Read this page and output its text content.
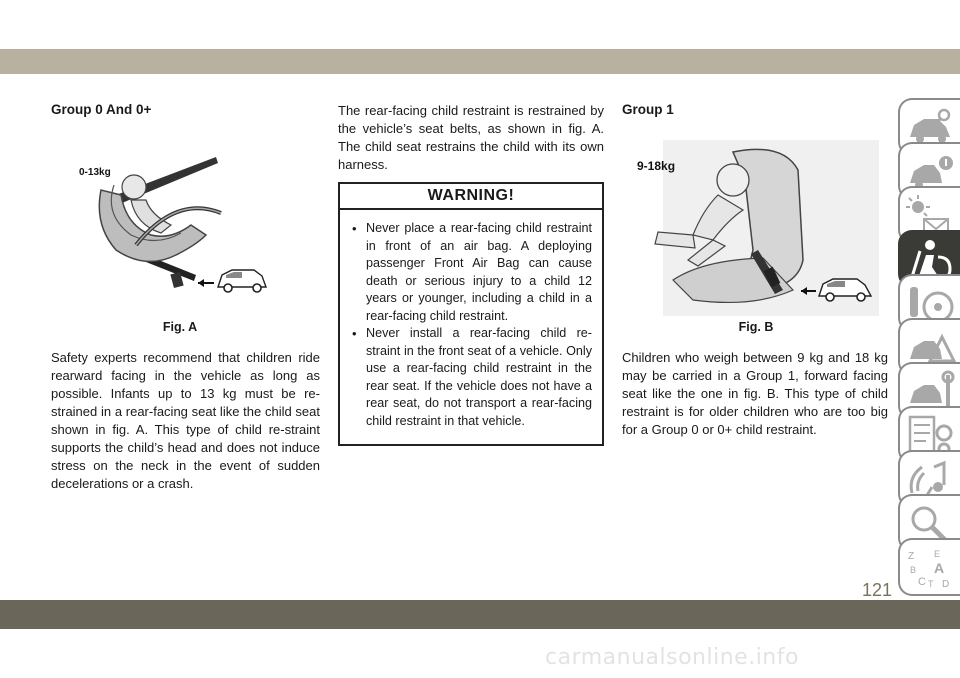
Group 0 And 0+
0-13kg
Fig. A
Safety experts recommend that children ride rearward facing in the vehicle as long as possible. Infants up to 13 kg must be re-strained in a rear-facing seat like the child seat shown in fig. A. This type of child re-straint supports the child’s head and does not induce stress on the neck in the event of sudden decelerations or a crash.
The rear-facing child restraint is restrained by the vehicle’s seat belts, as shown in fig. A. The child seat restrains the child with its own harness.
WARNING!
• Never place a rear-facing child restraint in front of an air bag. A deploying passenger Front Air Bag can cause death or serious injury to a child 12 years or younger, including a child in a rear-facing child restraint.
• Never install a rear-facing child re-straint in the front seat of a vehicle. Only use a rear-facing child restraint in the rear seat. If the vehicle does not have a rear seat, do not transport a rear-facing child restraint in that vehicle.
Group 1
9-18kg
Fig. B
Children who weigh between 9 kg and 18 kg may be carried in a Group 1, forward facing seat like the one in fig. B. This type of child restraint is for older children who are too big for a Group 0 or 0+ child restraint.
Z E
B A
C T D
121
carmanualsonline.info
